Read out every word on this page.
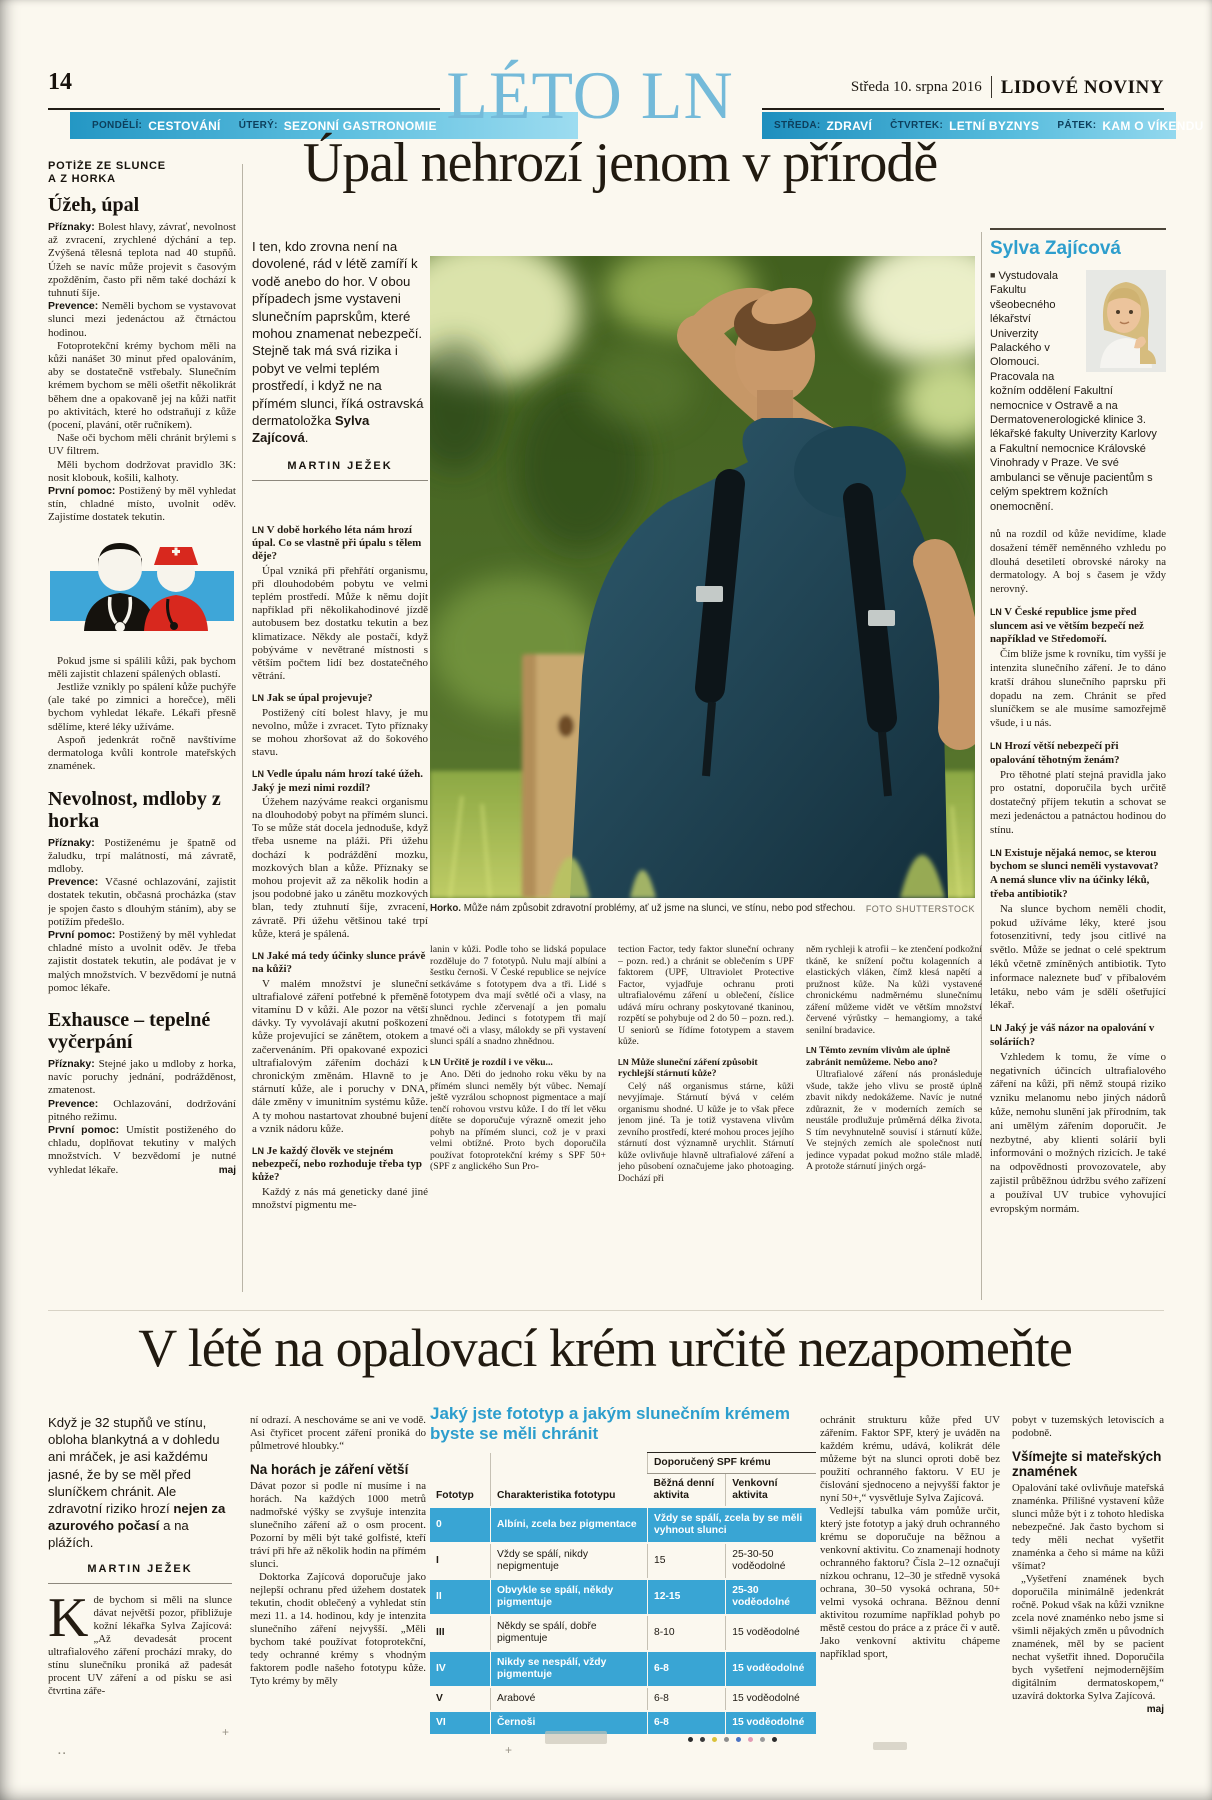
14
PONDĚLÍ: CESTOVÁNÍ ÚTERÝ: SEZONNÍ GASTRONOMIE	STŘEDA: ZDRAVÍ ČTVRTEK: LETNÍ BYZNYS PÁTEK: KAM O VÍKENDU
LÉTO LN	Středa 10. srpna 2016 LIDOVÉ NOVINY
Úpal nehrozí jenom v přírodě
POTÍŽE ZE SLUNCE
A Z HORKA
Úžeh, úpal

Příznaky: Bolest hlavy, závrať, nevolnost až zvracení, zrychlené dýchání a tep. Zvýšená tělesná teplota nad 40 stupňů. Úžeh se navíc může projevit s časovým zpožděním, často při něm také dochází k tuhnutí šíje.

Prevence: Neměli bychom se vystavovat slunci mezi jedenáctou až čtrnáctou hodinou.

Fotoprotekční krémy bychom měli na kůži nanášet 30 minut před opalováním, aby se dostatečně vstřebaly. Slunečním krémem bychom se měli ošetřit několikrát během dne a opakovaně jej na kůži natřit po aktivitách, které ho odstraňují z kůže (pocení, plavání, otěr ručníkem).

Naše oči bychom měli chránit brýlemi s UV filtrem.

Měli bychom dodržovat pravidlo 3K: nosit klobouk, košili, kalhoty.

První pomoc: Postižený by měl vyhledat stín, chladné místo, uvolnit oděv. Zajistíme dostatek tekutin.

Pokud jsme si spálili kůži, pak bychom měli zajistit chlazení spálených oblastí.

Jestliže vznikly po spálení kůže puchýře (ale také po zimnici a horečce), měli bychom vyhledat lékaře. Lékaři přesně sdělíme, které léky užíváme.

Aspoň jedenkrát ročně navštívíme dermatologa kvůli kontrole mateřských znamének.

Nevolnost, mdloby z horka

Příznaky: Postiženému je špatně od žaludku, trpí malátností, má závratě, mdloby.

Prevence: Včasné ochlazování, zajistit dostatek tekutin, občasná procházka (stav je spojen často s dlouhým stáním), aby se potížím předešlo.

První pomoc: Postižený by měl vyhledat chladné místo a uvolnit oděv. Je třeba zajistit dostatek tekutin, ale podávat je v malých množstvích. V bezvědomí je nutná pomoc lékaře.

Exhausce – tepelné vyčerpání

Příznaky: Stejné jako u mdloby z horka, navíc poruchy jednání, podrážděnost, zmatenost.

Prevence: Ochlazování, dodržování pitného režimu.

První pomoc: Umístit postiženého do chladu, doplňovat tekutiny v malých množstvích. V bezvědomí je nutné vyhledat lékaře.	maj

I ten, kdo zrovna není na dovolené, rád v létě zamíří k vodě anebo do hor. V obou případech jsme vystaveni slunečním paprskům, které mohou znamenat nebezpečí. Stejně tak má svá rizika i pobyt ve velmi teplém prostředí, i když ne na přímém slunci, říká ostravská dermatoložka Sylva Zajícová.

MARTIN JEŽEK

LN V době horkého léta nám hrozí úpal. Co se vlastně při úpalu s tělem děje?

Úpal vzniká při přehřátí organismu, při dlouhodobém pobytu ve velmi teplém prostředí. Může k němu dojít například při několikahodinové jízdě autobusem bez dostatku tekutin a bez klimatizace. Někdy ale postačí, když pobýváme v nevětrané místnosti s větším počtem lidí bez dostatečného větrání.

LN Jak se úpal projevuje?

Postižený cítí bolest hlavy, je mu nevolno, může i zvracet. Tyto příznaky se mohou zhoršovat až do šokového stavu.

LN Vedle úpalu nám hrozí také úžeh. Jaký je mezi nimi rozdíl?

Úžehem nazýváme reakci organismu na dlouhodobý pobyt na přímém slunci. To se může stát docela jednoduše, když třeba usneme na pláži. Při úžehu dochází k podráždění mozku, mozkových blan a kůže. Příznaky se mohou projevit až za několik hodin a jsou podobné jako u zánětu mozkových blan, tedy ztuhnutí šíje, zvracení, závratě. Při úžehu většinou také trpí kůže, která je spálená.

LN Jaké má tedy účinky slunce právě na kůži?

V malém množství je sluneční ultrafialové záření potřebné k přeměně vitamínu D v kůži. Ale pozor na větší dávky. Ty vyvolávají akutní poškození kůže projevující se zánětem, otokem a začervenáním. Při opakované expozici ultrafialovým zářením dochází k chronickým změnám. Hlavně to je stárnutí kůže, ale i poruchy v DNA, dále změny v imunitním systému kůže. A ty mohou nastartovat zhoubné bujení a vznik nádoru kůže.

LN Je každý člověk ve stejném nebezpečí, nebo rozhoduje třeba typ kůže?

Každý z nás má geneticky dané jiné množství pigmentu me-

Horko. Může nám způsobit zdravotní problémy, ať už jsme na slunci, ve stínu, nebo pod střechou. FOTO SHUTTERSTOCK

lanin v kůži. Podle toho se lidská populace rozděluje do 7 fototypů. Nulu mají albíni a šestku černoši. V České republice se nejvíce setkáváme s fototypem dva a tři. Lidé s fototypem dva mají světlé oči a vlasy, na slunci rychle zčervenají a jen pomalu zhnědnou. Jedinci s fototypem tři mají tmavé oči a vlasy, málokdy se při vystavení slunci spálí a snadno zhnědnou.

LN Určitě je rozdíl i ve věku...

Ano. Děti do jednoho roku věku by na přímém slunci neměly být vůbec. Nemají ještě vyzrálou schopnost pigmentace a mají tenčí rohovou vrstvu kůže. I do tří let věku dítěte se doporučuje výrazně omezit jeho pohyb na přímém slunci, což je v praxi velmi obtížné. Proto bych doporučila používat fotoprotekční krémy s SPF 50+ (SPF z anglického Sun Pro-

tection Factor, tedy faktor sluneční ochrany – pozn. red.) a chránit se oblečením s UPF faktorem (UPF, Ultraviolet Protective Factor, vyjadřuje ochranu proti ultrafialovému záření u oblečení, číslice udává míru ochrany poskytované tkaninou, rozpětí se pohybuje od 2 do 50 – pozn. red.). U seniorů se řídíme fototypem a stavem kůže.

LN Může sluneční záření způsobit rychlejší stárnutí kůže?

Celý náš organismus stárne, kůži nevyjímaje. Stárnutí bývá v celém organismu shodné. U kůže je to však přece jenom jiné. Ta je totiž vystavena vlivům zevního prostředí, které mohou proces jejího stárnutí dost významně urychlit. Stárnutí kůže ovlivňuje hlavně ultrafialové záření a jeho působení označujeme jako photoaging. Dochází při

něm rychleji k atrofii – ke ztenčení podkožní tkáně, ke snížení počtu kolagenních a elastických vláken, čímž klesá napětí a pružnost kůže. Na kůži vystavené chronickému nadměrnému slunečnímu záření můžeme vidět ve větším množství červené výrůstky – hemangiomy, a také senilní bradavice.

LN Těmto zevním vlivům ale úplně zabránit nemůžeme. Nebo ano?

Ultrafialové záření nás pronásleduje všude, takže jeho vlivu se prostě úplně zbavit nikdy nedokážeme. Navíc je nutné zdůraznit, že v moderních zemích se neustále prodlužuje průměrná délka života. S tím nevyhnutelně souvisí i stárnutí kůže. Ve stejných zemích ale společnost nutí jedince vypadat pokud možno stále mladě. A protože stárnutí jiných orgá-

Sylva Zajícová
■ Vystudovala Fakultu všeobecného lékařství Univerzity Palackého v Olomouci. Pracovala na kožním oddělení Fakultní nemocnice v Ostravě a na Dermatovenerologické klinice 3. lékařské fakulty Univerzity Karlovy a Fakultní nemocnice Královské Vinohrady v Praze. Ve své ambulanci se věnuje pacientům s celým spektrem kožních onemocnění.

nů na rozdíl od kůže nevidíme, klade dosažení téměř neměnného vzhledu po dlouhá desetiletí obrovské nároky na dermatology. A boj s časem je vždy nerovný.

LN V České republice jsme před sluncem asi ve větším bezpečí než například ve Středomoří.

Čím blíže jsme k rovníku, tím vyšší je intenzita slunečního záření. Je to dáno kratší dráhou slunečního paprsku při dopadu na zem. Chránit se před sluníčkem se ale musíme samozřejmě všude, i u nás.

LN Hrozí větší nebezpečí při opalování těhotným ženám?

Pro těhotné platí stejná pravidla jako pro ostatní, doporučila bych určitě dostatečný příjem tekutin a schovat se mezi jedenáctou a patnáctou hodinou do stínu.

LN Existuje nějaká nemoc, se kterou bychom se slunci neměli vystavovat? A nemá slunce vliv na účinky léků, třeba antibiotik?

Na slunce bychom neměli chodit, pokud užíváme léky, které jsou fotosenzitivní, tedy jsou citlivé na světlo. Může se jednat o celé spektrum léků včetně zmíněných antibiotik. Tyto informace naleznete buď v příbalovém letáku, nebo vám je sdělí ošetřující lékař.

LN Jaký je váš názor na opalování v soláriích?

Vzhledem k tomu, že víme o negativních účincích ultrafialového záření na kůži, při němž stoupá riziko vzniku melanomu nebo jiných nádorů kůže, nemohu slunění jak přírodním, tak ani umělým zářením doporučit. Je nezbytné, aby klienti solárií byli informováni o možných rizicích. Je také na odpovědnosti provozovatele, aby zajistil průběžnou údržbu svého zařízení a používal UV trubice vyhovující evropským normám.

V létě na opalovací krém určitě nezapomeňte

Když je 32 stupňů ve stínu, obloha blankytná a v dohledu ani mráček, je asi každému jasné, že by se měl před sluníčkem chránit. Ale zdravotní riziko hrozí nejen za azurového počasí a na plážích.

MARTIN JEŽEK

Kde bychom si měli na slunce dávat největší pozor, přibližuje kožní lékařka Sylva Zajícová: „Až devadesát procent ultrafialového záření prochází mraky, do stínu slunečníku proniká až padesát procent UV záření a od písku se asi čtvrtina záře-

ní odrazí. A neschováme se ani ve vodě. Asi čtyřicet procent záření proniká do půlmetrové hloubky.“

Na horách je záření větší

Dávat pozor si podle ní musíme i na horách. Na každých 1000 metrů nadmořské výšky se zvyšuje intenzita slunečního záření až o osm procent. Pozorní by měli být také golfisté, kteří tráví při hře až několik hodin na přímém slunci.

Doktorka Zajícová doporučuje jako nejlepší ochranu před úžehem dostatek tekutin, chodit oblečený a vyhledat stín mezi 11. a 14. hodinou, kdy je intenzita slunečního záření nejvyšší. „Měli bychom také používat fotoprotekční, tedy ochranné krémy s vhodným faktorem podle našeho fototypu kůže. Tyto krémy by měly

Jaký jste fototyp a jakým slunečním krémem byste se měli chránit
Fototyp	Charakteristika fototypu	Doporučený SPF krému	
		Běžná denní aktivita	Venkovní aktivita
0	Albíni, zcela bez pigmentace	Vždy se spálí, zcela by se měli vyhnout slunci	
I	Vždy se spálí, nikdy nepigmentuje	15	25-30-50 voděodolné
II	Obvykle se spálí, někdy pigmentuje	12-15	25-30 voděodolné
III	Někdy se spálí, dobře pigmentuje	8-10	15 voděodolné
IV	Nikdy se nespálí, vždy pigmentuje	6-8	15 voděodolné
V	Arabové	6-8	15 voděodolné
VI	Černoši	6-8	15 voděodolné

ochránit strukturu kůže před UV zářením. Faktor SPF, který je uváděn na každém krému, udává, kolikrát déle můžeme být na slunci oproti době bez použití ochranného faktoru. V EU je číslování sjednoceno a nejvyšší faktor je nyní 50+,“ vysvětluje Sylva Zajícová.

Vedlejší tabulka vám pomůže určit, který jste fototyp a jaký druh ochranného krému se doporučuje na běžnou a venkovní aktivitu. Co znamenají hodnoty ochranného faktoru? Čísla 2–12 označují nízkou ochranu, 12–30 je středně vysoká ochrana, 30–50 vysoká ochrana, 50+ velmi vysoká ochrana. Běžnou denní aktivitou rozumíme například pohyb po městě cestou do práce a z práce či v autě. Jako venkovní aktivitu chápeme například sport,

pobyt v tuzemských letoviscích a podobně.

Všímejte si mateřských znamének

Opalování také ovlivňuje mateřská znaménka. Přílišné vystavení kůže slunci může být i z tohoto hlediska nebezpečné. Jak často bychom si tedy měli nechat vyšetřit znaménka a čeho si máme na kůži všímat?

„Vyšetření znamének bych doporučila minimálně jedenkrát ročně. Pokud však na kůži vznikne zcela nové znaménko nebo jsme si všimli nějakých změn u původních znamének, měl by se pacient nechat vyšetřit ihned. Doporučila bych vyšetření nejmodernějším digitálním dermatoskopem,“ uzavírá doktorka Sylva Zajícová.
maj

+
+
..
